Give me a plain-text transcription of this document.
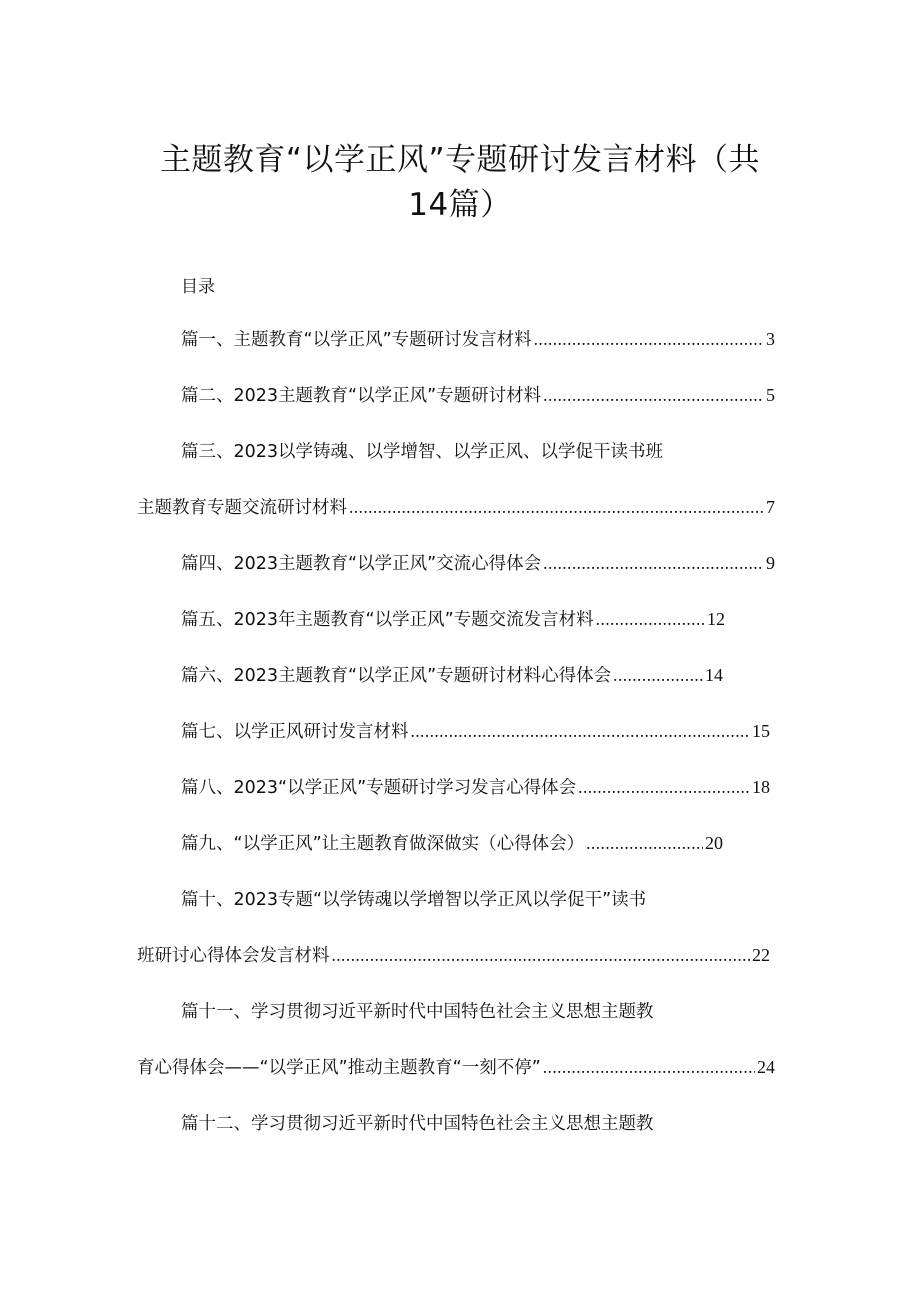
主题教育“以学正风”专题研讨发言材料（共
14篇）
目录
篇一、主题教育“以学正风”专题研讨发言材料 .....	3
篇二、2023主题教育“以学正风”专题研讨材料 .....	5
篇三、2023以学铸魂、以学增智、以学正风、以学促干读书班
主题教育专题交流研讨材料 .....	7
篇四、2023主题教育“以学正风”交流心得体会 .....	9
篇五、2023年主题教育“以学正风”专题交流发言材料 .....	12
篇六、2023主题教育“以学正风”专题研讨材料心得体会 .....	14
篇七、以学正风研讨发言材料 .....	15
篇八、2023“以学正风”专题研讨学习发言心得体会 .....	18
篇九、“以学正风”让主题教育做深做实（心得体会） .....	20
篇十、2023专题“以学铸魂以学增智以学正风以学促干”读书
班研讨心得体会发言材料 .....	22
篇十一、学习贯彻习近平新时代中国特色社会主义思想主题教
育心得体会——“以学正风”推动主题教育“一刻不停” .....	24
篇十二、学习贯彻习近平新时代中国特色社会主义思想主题教
